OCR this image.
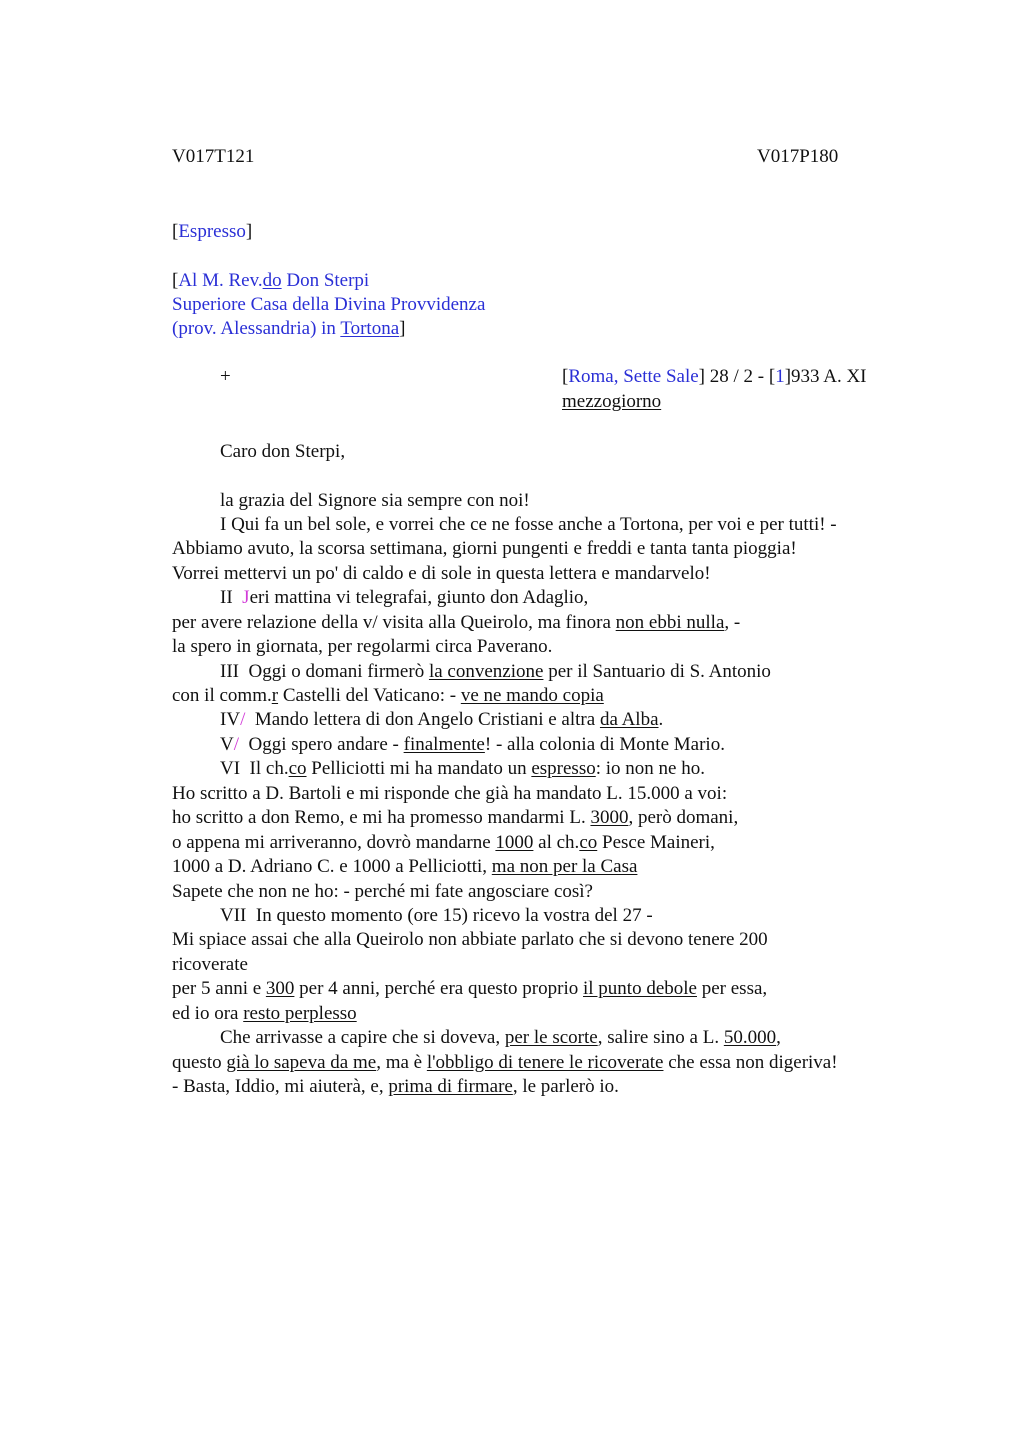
V017T121	V017P180
[Espresso]
[Al M. Rev.do Don Sterpi
Superiore Casa della Divina Provvidenza
(prov. Alessandria) in Tortona]
+	[Roma, Sette Sale] 28 / 2 - [1]933 A. XI
mezzogiorno
Caro don Sterpi,
la grazia del Signore sia sempre con noi!
I Qui fa un bel sole, e vorrei che ce ne fosse anche a Tortona, per voi e per tutti! -
Abbiamo avuto, la scorsa settimana, giorni pungenti e freddi e tanta tanta pioggia!
Vorrei mettervi un po' di caldo e di sole in questa lettera e mandarvelo!
II  Jeri mattina vi telegrafai, giunto don Adaglio,
per avere relazione della v/ visita alla Queirolo, ma finora non ebbi nulla, -
la spero in giornata, per regolarmi circa Paverano.
III  Oggi o domani firmerò la convenzione per il Santuario di S. Antonio
con il comm.r Castelli del Vaticano: - ve ne mando copia
IV/  Mando lettera di don Angelo Cristiani e altra da Alba.
V/  Oggi spero andare - finalmente! - alla colonia di Monte Mario.
VI  Il ch.co Pelliciotti mi ha mandato un espresso: io non ne ho.
Ho scritto a D. Bartoli e mi risponde che già ha mandato L. 15.000 a voi:
ho scritto a don Remo, e mi ha promesso mandarmi L. 3000, però domani,
o appena mi arriveranno, dovrò mandarne 1000 al ch.co Pesce Maineri,
1000 a D. Adriano C. e 1000 a Pelliciotti, ma non per la Casa
Sapete che non ne ho: - perché mi fate angosciare così?
VII  In questo momento (ore 15) ricevo la vostra del 27 -
Mi spiace assai che alla Queirolo non abbiate parlato che si devono tenere 200
ricoverate
per 5 anni e 300 per 4 anni, perché era questo proprio il punto debole per essa,
ed io ora resto perplesso
Che arrivasse a capire che si doveva, per le scorte, salire sino a L. 50.000,
questo già lo sapeva da me, ma è l'obbligo di tenere le ricoverate che essa non digeriva!
- Basta, Iddio, mi aiuterà, e, prima di firmare, le parlerò io.
